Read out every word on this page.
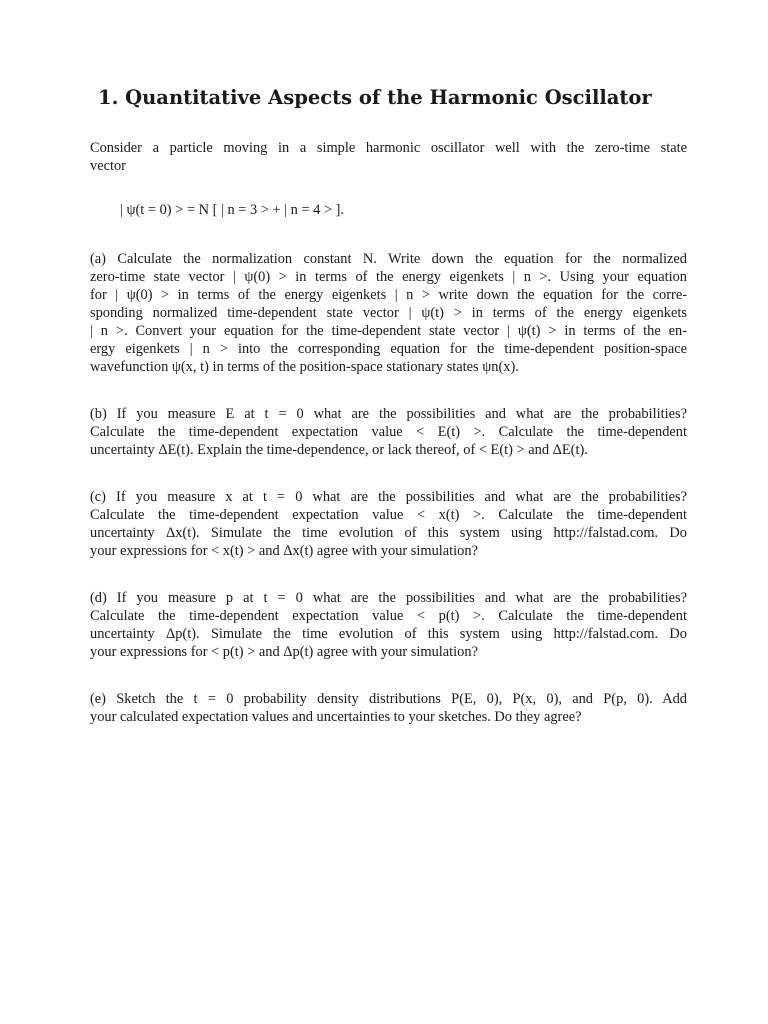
1. Quantitative Aspects of the Harmonic Oscillator
Consider a particle moving in a simple harmonic oscillator well with the zero-time state
vector
| ψ(t = 0) > = N [ | n = 3 > + | n = 4 > ].
(a) Calculate the normalization constant N. Write down the equation for the normalized
zero-time state vector | ψ(0) > in terms of the energy eigenkets | n >. Using your equation
for | ψ(0) > in terms of the energy eigenkets | n > write down the equation for the corre-
sponding normalized time-dependent state vector | ψ(t) > in terms of the energy eigenkets
| n >. Convert your equation for the time-dependent state vector | ψ(t) > in terms of the en-
ergy eigenkets | n > into the corresponding equation for the time-dependent position-space
wavefunction ψ(x, t) in terms of the position-space stationary states ψn(x).
(b) If you measure E at t = 0 what are the possibilities and what are the probabilities?
Calculate the time-dependent expectation value < E(t) >. Calculate the time-dependent
uncertainty ΔE(t). Explain the time-dependence, or lack thereof, of < E(t) > and ΔE(t).
(c) If you measure x at t = 0 what are the possibilities and what are the probabilities?
Calculate the time-dependent expectation value < x(t) >. Calculate the time-dependent
uncertainty Δx(t). Simulate the time evolution of this system using http://falstad.com. Do
your expressions for < x(t) > and Δx(t) agree with your simulation?
(d) If you measure p at t = 0 what are the possibilities and what are the probabilities?
Calculate the time-dependent expectation value < p(t) >. Calculate the time-dependent
uncertainty Δp(t). Simulate the time evolution of this system using http://falstad.com. Do
your expressions for < p(t) > and Δp(t) agree with your simulation?
(e) Sketch the t = 0 probability density distributions P(E, 0), P(x, 0), and P(p, 0). Add
your calculated expectation values and uncertainties to your sketches. Do they agree?
